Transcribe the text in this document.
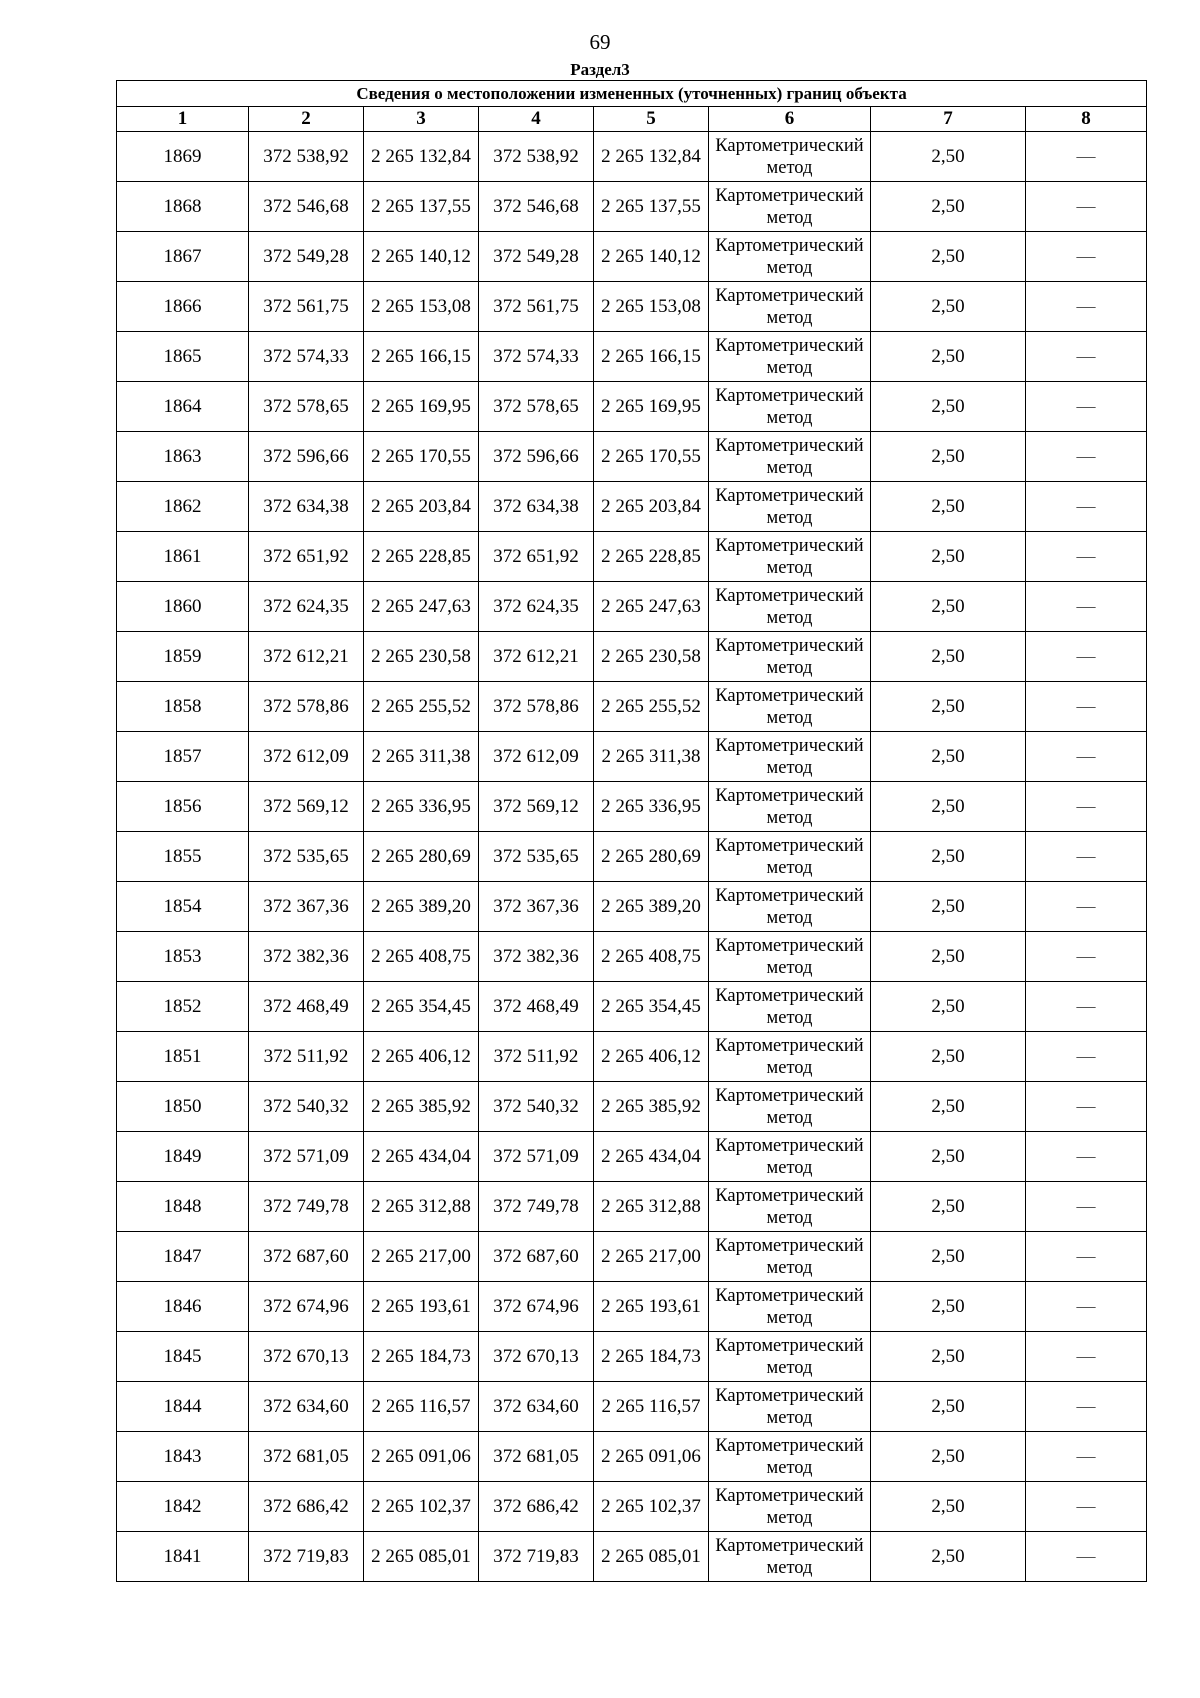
69
Раздел3
Сведения о местоположении измененных (уточненных) границ объекта							
1	2	3	4	5	6	7	8
1869	372 538,92	2 265 132,84	372 538,92	2 265 132,84	Картометрический метод	2,50	—
1868	372 546,68	2 265 137,55	372 546,68	2 265 137,55	Картометрический метод	2,50	—
1867	372 549,28	2 265 140,12	372 549,28	2 265 140,12	Картометрический метод	2,50	—
1866	372 561,75	2 265 153,08	372 561,75	2 265 153,08	Картометрический метод	2,50	—
1865	372 574,33	2 265 166,15	372 574,33	2 265 166,15	Картометрический метод	2,50	—
1864	372 578,65	2 265 169,95	372 578,65	2 265 169,95	Картометрический метод	2,50	—
1863	372 596,66	2 265 170,55	372 596,66	2 265 170,55	Картометрический метод	2,50	—
1862	372 634,38	2 265 203,84	372 634,38	2 265 203,84	Картометрический метод	2,50	—
1861	372 651,92	2 265 228,85	372 651,92	2 265 228,85	Картометрический метод	2,50	—
1860	372 624,35	2 265 247,63	372 624,35	2 265 247,63	Картометрический метод	2,50	—
1859	372 612,21	2 265 230,58	372 612,21	2 265 230,58	Картометрический метод	2,50	—
1858	372 578,86	2 265 255,52	372 578,86	2 265 255,52	Картометрический метод	2,50	—
1857	372 612,09	2 265 311,38	372 612,09	2 265 311,38	Картометрический метод	2,50	—
1856	372 569,12	2 265 336,95	372 569,12	2 265 336,95	Картометрический метод	2,50	—
1855	372 535,65	2 265 280,69	372 535,65	2 265 280,69	Картометрический метод	2,50	—
1854	372 367,36	2 265 389,20	372 367,36	2 265 389,20	Картометрический метод	2,50	—
1853	372 382,36	2 265 408,75	372 382,36	2 265 408,75	Картометрический метод	2,50	—
1852	372 468,49	2 265 354,45	372 468,49	2 265 354,45	Картометрический метод	2,50	—
1851	372 511,92	2 265 406,12	372 511,92	2 265 406,12	Картометрический метод	2,50	—
1850	372 540,32	2 265 385,92	372 540,32	2 265 385,92	Картометрический метод	2,50	—
1849	372 571,09	2 265 434,04	372 571,09	2 265 434,04	Картометрический метод	2,50	—
1848	372 749,78	2 265 312,88	372 749,78	2 265 312,88	Картометрический метод	2,50	—
1847	372 687,60	2 265 217,00	372 687,60	2 265 217,00	Картометрический метод	2,50	—
1846	372 674,96	2 265 193,61	372 674,96	2 265 193,61	Картометрический метод	2,50	—
1845	372 670,13	2 265 184,73	372 670,13	2 265 184,73	Картометрический метод	2,50	—
1844	372 634,60	2 265 116,57	372 634,60	2 265 116,57	Картометрический метод	2,50	—
1843	372 681,05	2 265 091,06	372 681,05	2 265 091,06	Картометрический метод	2,50	—
1842	372 686,42	2 265 102,37	372 686,42	2 265 102,37	Картометрический метод	2,50	—
1841	372 719,83	2 265 085,01	372 719,83	2 265 085,01	Картометрический метод	2,50	—
